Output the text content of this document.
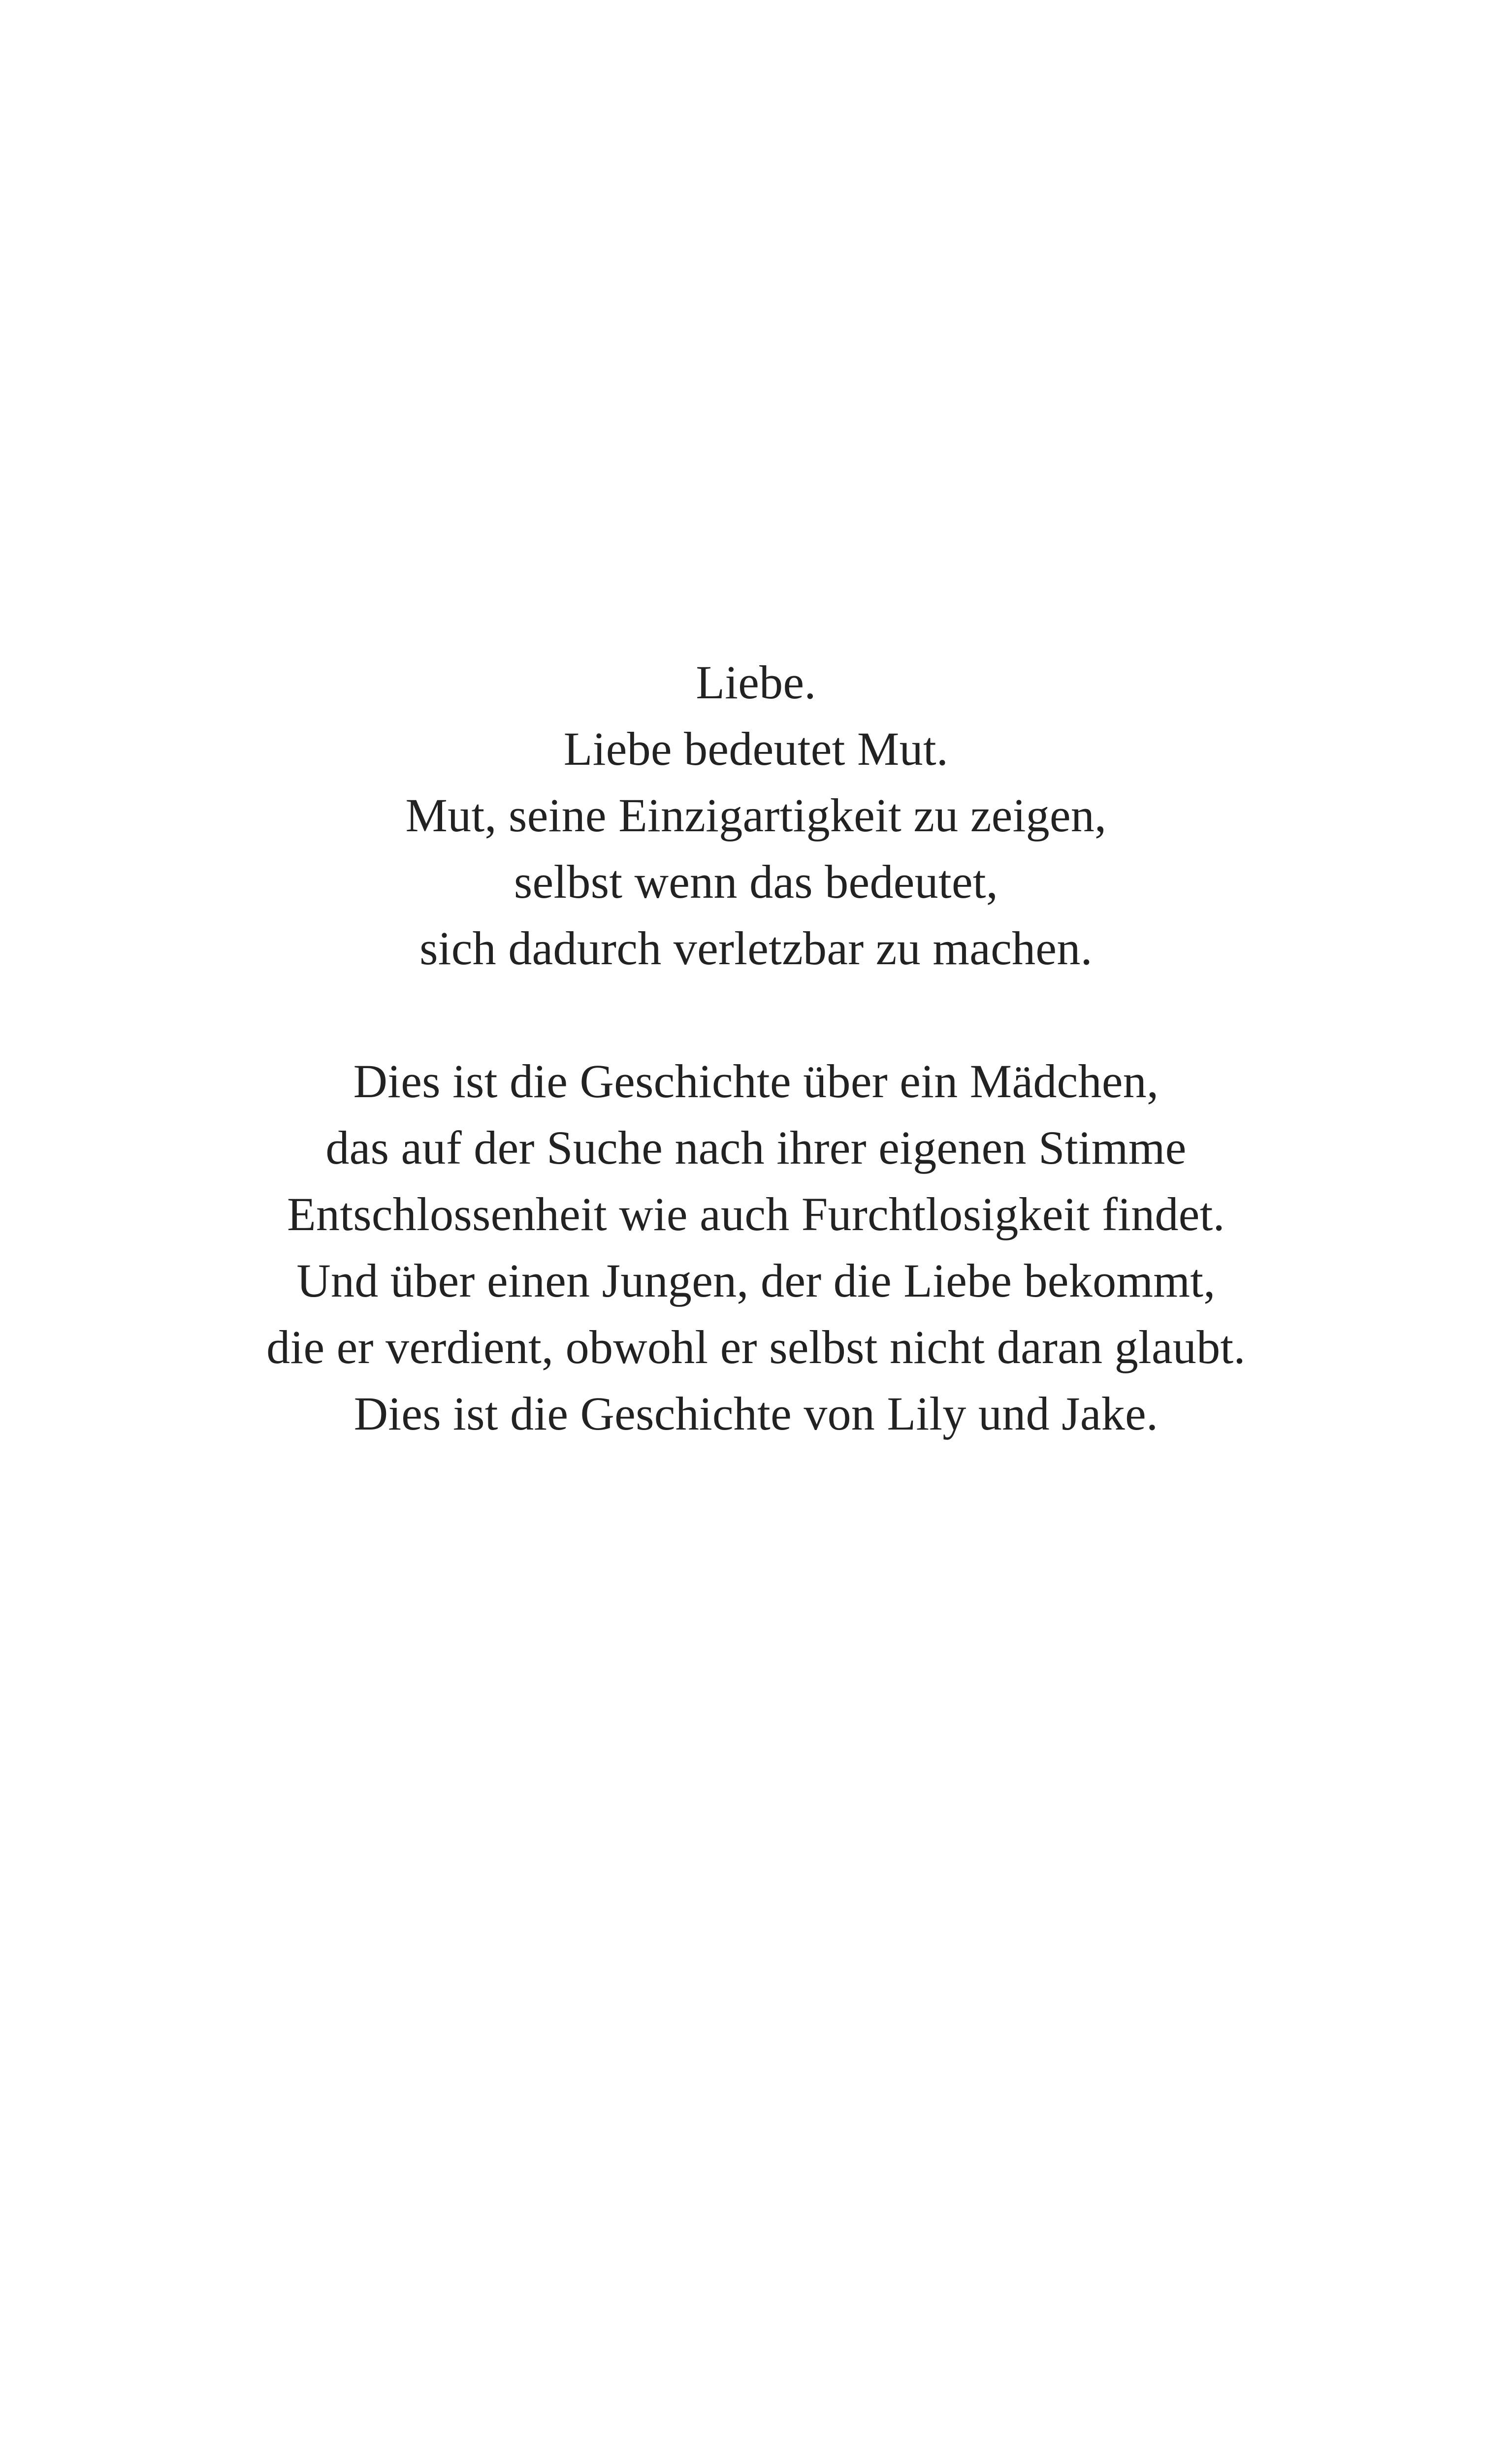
Liebe.
Liebe bedeutet Mut.
Mut, seine Einzigartigkeit zu zeigen,
selbst wenn das bedeutet,
sich dadurch verletzbar zu machen.
Dies ist die Geschichte über ein Mädchen,
das auf der Suche nach ihrer eigenen Stimme
Entschlossenheit wie auch Furchtlosigkeit findet.
Und über einen Jungen, der die Liebe bekommt,
die er verdient, obwohl er selbst nicht daran glaubt.
Dies ist die Geschichte von Lily und Jake.
